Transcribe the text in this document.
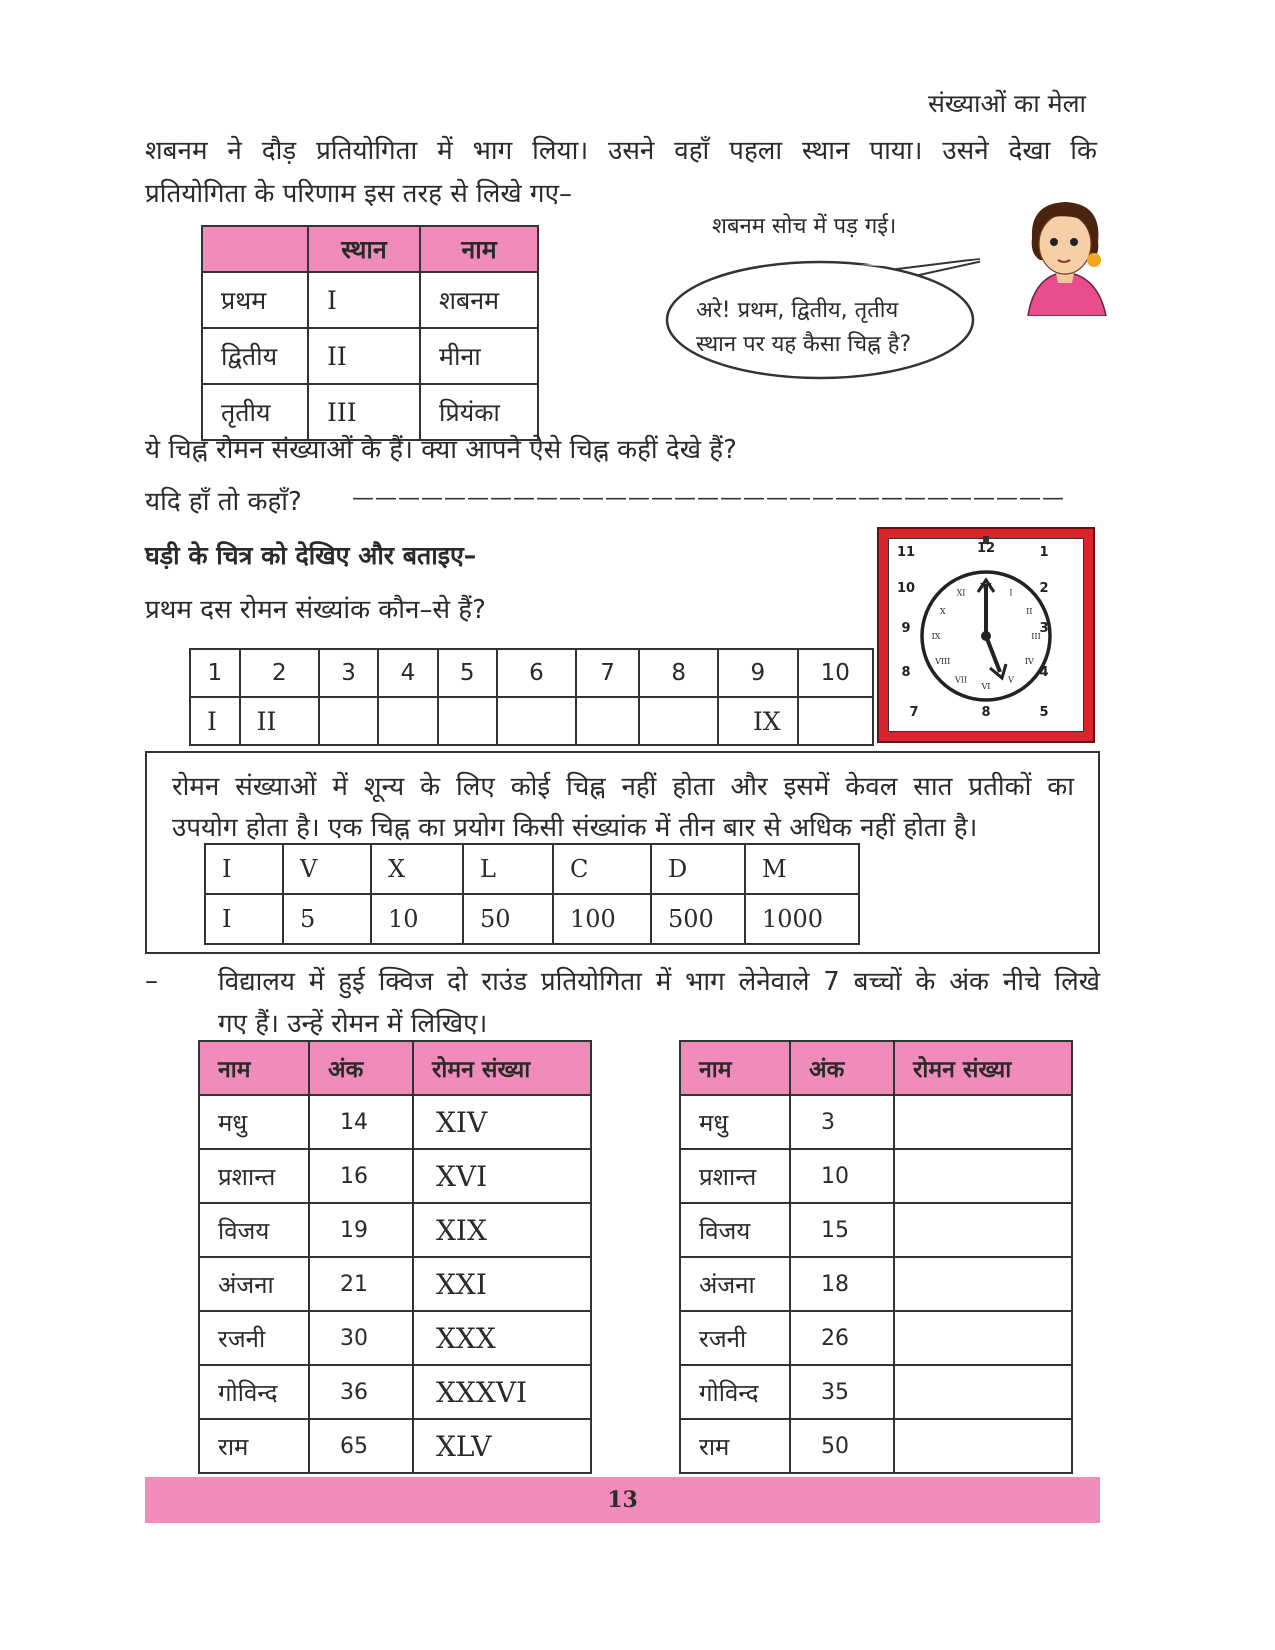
संख्याओं का मेला
शबनम ने दौड़ प्रतियोगिता में भाग लिया। उसने वहाँ पहला स्थान पाया। उसने देखा कि
प्रतियोगिता के परिणाम इस तरह से लिखे गए–
	स्थान	नाम
प्रथम	I	शबनम
द्वितीय	II	मीना
तृतीय	III	प्रियंका
शबनम सोच में पड़ गई।
अरे! प्रथम, द्वितीय, तृतीय
स्थान पर यह कैसा चिह्न है?
ये चिह्न रोमन संख्याओं के हैं। क्या आपने ऐसे चिह्न कहीं देखे हैं?
यदि हाँ तो कहाँ? ———————————————————————————————
घड़ी के चित्र को देखिए और बताइए–
प्रथम दस रोमन संख्यांक कौन–से हैं?
1	2	3	4	5	6	7	8	9	10
I	II							IX	
12	1
2
3
4
5
8
7
8
9
10
11
XII
I
II
III
IV
V
VI
VII
VIII
IX
X
XI
रोमन संख्याओं में शून्य के लिए कोई चिह्न नहीं होता और इसमें केवल सात प्रतीकों का
उपयोग होता है। एक चिह्न का प्रयोग किसी संख्यांक में तीन बार से अधिक नहीं होता है।
I	V	X	L	C	D	M
I	5	10	50	100	500	1000
– विद्यालय में हुई क्विज दो राउंड प्रतियोगिता में भाग लेनेवाले 7 बच्चों के अंक नीचे लिखे
गए हैं। उन्हें रोमन में लिखिए।
नाम	अंक	रोमन संख्या
मधु	14	XIV
प्रशान्त	16	XVI
विजय	19	XIX
अंजना	21	XXI
रजनी	30	XXX
गोविन्द	36	XXXVI
राम	65	XLV
नाम	अंक	रोमन संख्या
मधु	3	
प्रशान्त	10	
विजय	15	
अंजना	18	
रजनी	26	
गोविन्द	35	
राम	50	
13
